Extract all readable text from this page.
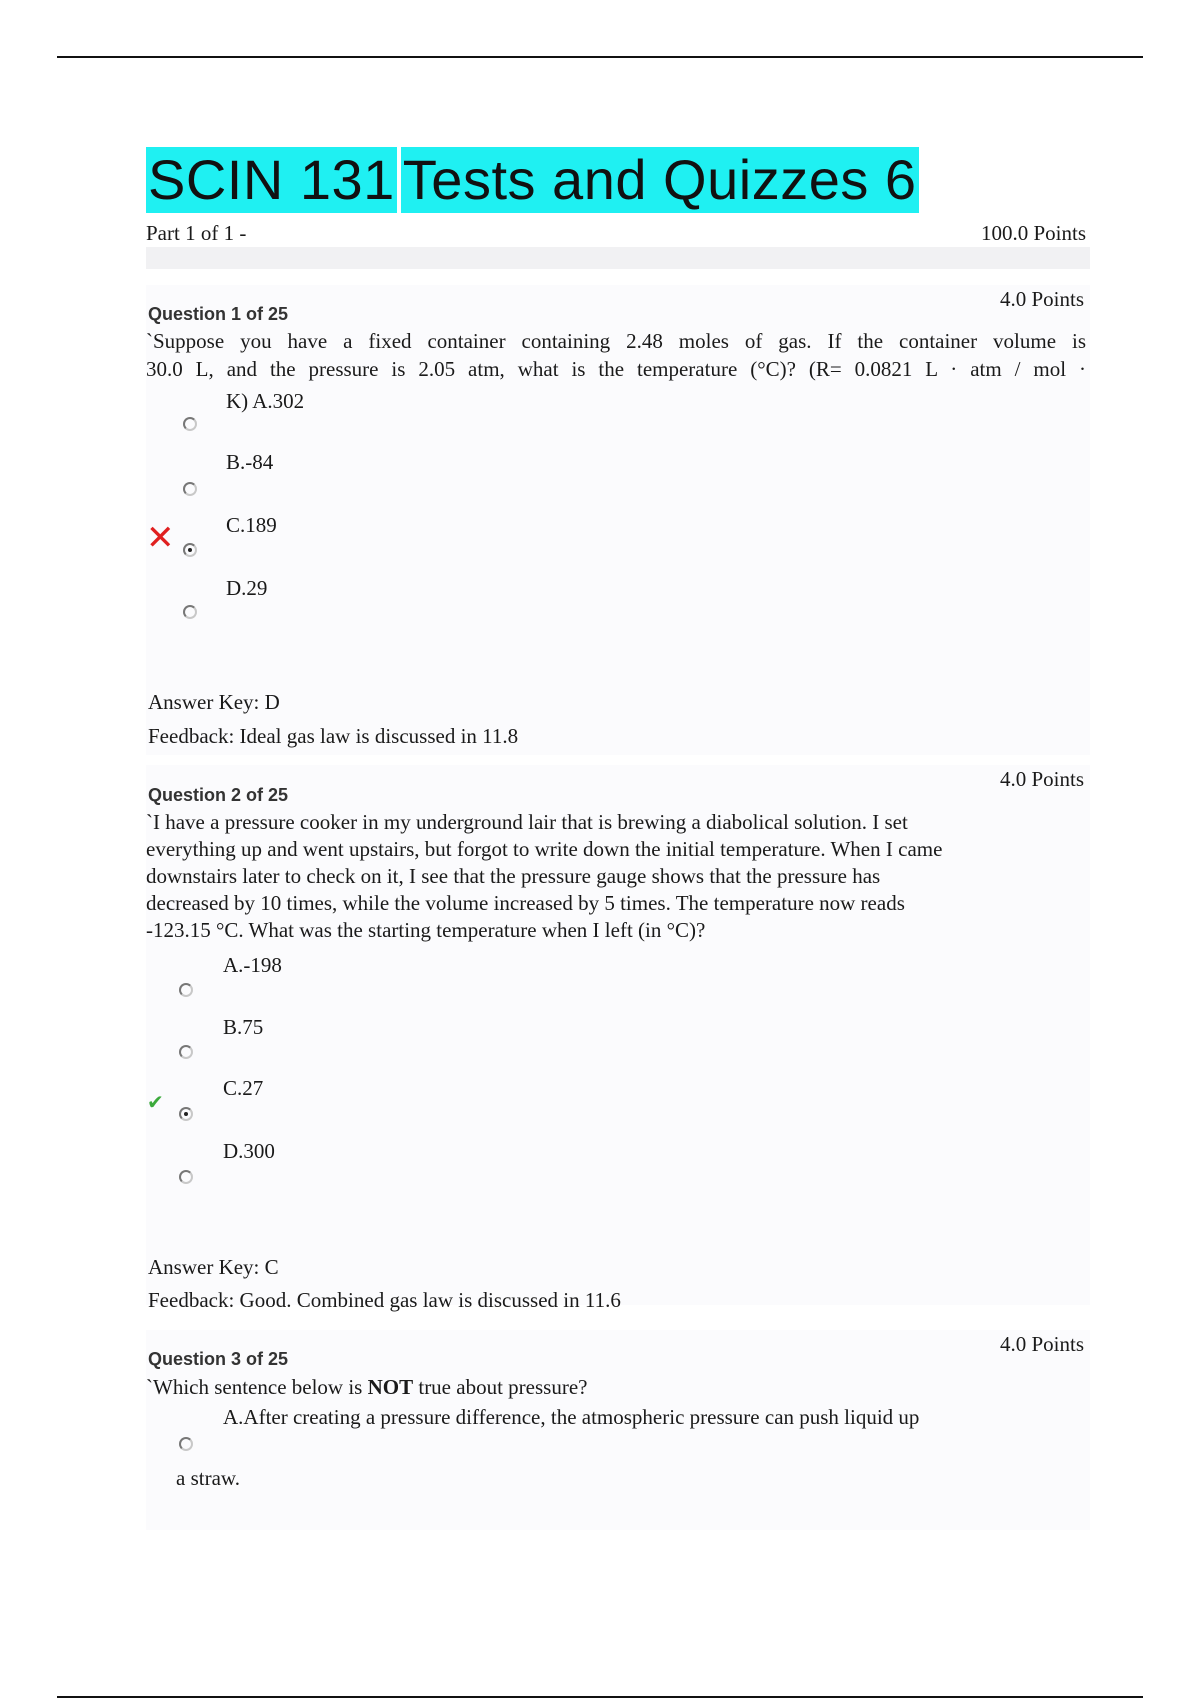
SCIN 131 Tests and Quizzes 6
Part 1 of 1 -	100.0 Points
4.0 Points
Question 1 of 25
`Suppose you have a fixed container containing 2.48 moles of gas. If the container volume is
30.0 L, and the pressure is 2.05 atm, what is the temperature (°C)? (R= 0.0821 L · atm / mol ·
K) A.302
B.-84
✕ C.189
D.29
Answer Key: D
Feedback: Ideal gas law is discussed in 11.8
4.0 Points
Question 2 of 25
`I have a pressure cooker in my underground lair that is brewing a diabolical solution. I set
everything up and went upstairs, but forgot to write down the initial temperature. When I came
downstairs later to check on it, I see that the pressure gauge shows that the pressure has
decreased by 10 times, while the volume increased by 5 times. The temperature now reads
-123.15 °C. What was the starting temperature when I left (in °C)?
A.-198
B.75
✔
C.27
D.300
Answer Key: C
Feedback: Good. Combined gas law is discussed in 11.6
4.0 Points
Question 3 of 25
`Which sentence below is NOT true about pressure?
A.After creating a pressure difference, the atmospheric pressure can push liquid up
a straw.
